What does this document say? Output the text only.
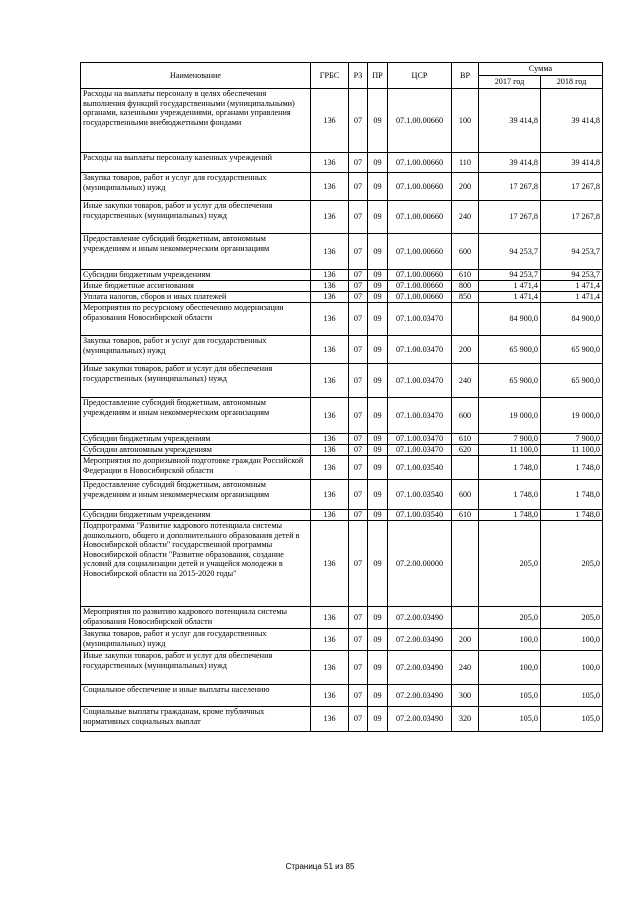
Наименование	ГРБС	РЗ	ПР	ЦСР	ВР	Сумма	
						2017 год	2018 год
Расходы на выплаты персоналу в целях обеспечения выполнения функций государственными (муниципальными) органами, казенными учреждениями, органами управления государственными внебюджетными фондами	136	07	09	07.1.00.00660	100	39 414,8	39 414,8
Расходы на выплаты персоналу казенных учреждений	136	07	09	07.1.00.00660	110	39 414,8	39 414,8
Закупка товаров, работ и услуг для государственных (муниципальных) нужд	136	07	09	07.1.00.00660	200	17 267,8	17 267,8
Иные закупки товаров, работ и услуг для обеспечения государственных (муниципальных) нужд	136	07	09	07.1.00.00660	240	17 267,8	17 267,8
Предоставление субсидий бюджетным, автономным учреждениям и иным некоммерческим организациям	136	07	09	07.1.00.00660	600	94 253,7	94 253,7
Субсидии бюджетным учреждениям	136	07	09	07.1.00.00660	610	94 253,7	94 253,7
Иные бюджетные ассигнования	136	07	09	07.1.00.00660	800	1 471,4	1 471,4
Уплата налогов, сборов и иных платежей	136	07	09	07.1.00.00660	850	1 471,4	1 471,4
Мероприятия по ресурсному обеспечению модернизации образования Новосибирской области	136	07	09	07.1.00.03470		84 900,0	84 900,0
Закупка товаров, работ и услуг для государственных (муниципальных) нужд	136	07	09	07.1.00.03470	200	65 900,0	65 900,0
Иные закупки товаров, работ и услуг для обеспечения государственных (муниципальных) нужд	136	07	09	07.1.00.03470	240	65 900,0	65 900,0
Предоставление субсидий бюджетным, автономным учреждениям и иным некоммерческим организациям	136	07	09	07.1.00.03470	600	19 000,0	19 000,0
Субсидии бюджетным учреждениям	136	07	09	07.1.00.03470	610	7 900,0	7 900,0
Субсидии автономным учреждениям	136	07	09	07.1.00.03470	620	11 100,0	11 100,0
Мероприятия по допризывной подготовке граждан Российской Федерации в Новосибирской области	136	07	09	07.1.00.03540		1 748,0	1 748,0
Предоставление субсидий бюджетным, автономным учреждениям и иным некоммерческим организациям	136	07	09	07.1.00.03540	600	1 748,0	1 748,0
Субсидии бюджетным учреждениям	136	07	09	07.1.00.03540	610	1 748,0	1 748,0
Подпрограмма "Развитие кадрового потенциала системы дошкольного, общего и дополнительного образования детей в Новосибирской области" государственной программы Новосибирской области "Развитие образования, создание условий для социализации детей и учащейся молодежи в Новосибирской области на 2015-2020 годы"	136	07	09	07.2.00.00000		205,0	205,0
Мероприятия по развитию кадрового потенциала системы образования Новосибирской области	136	07	09	07.2.00.03490		205,0	205,0
Закупка товаров, работ и услуг для государственных (муниципальных) нужд	136	07	09	07.2.00.03490	200	100,0	100,0
Иные закупки товаров, работ и услуг для обеспечения государственных (муниципальных) нужд	136	07	09	07.2.00.03490	240	100,0	100,0
Социальное обеспечение и иные выплаты населению	136	07	09	07.2.00.03490	300	105,0	105,0
Социальные выплаты гражданам, кроме публичных нормативных социальных выплат	136	07	09	07.2.00.03490	320	105,0	105,0
Страница 51 из 85
